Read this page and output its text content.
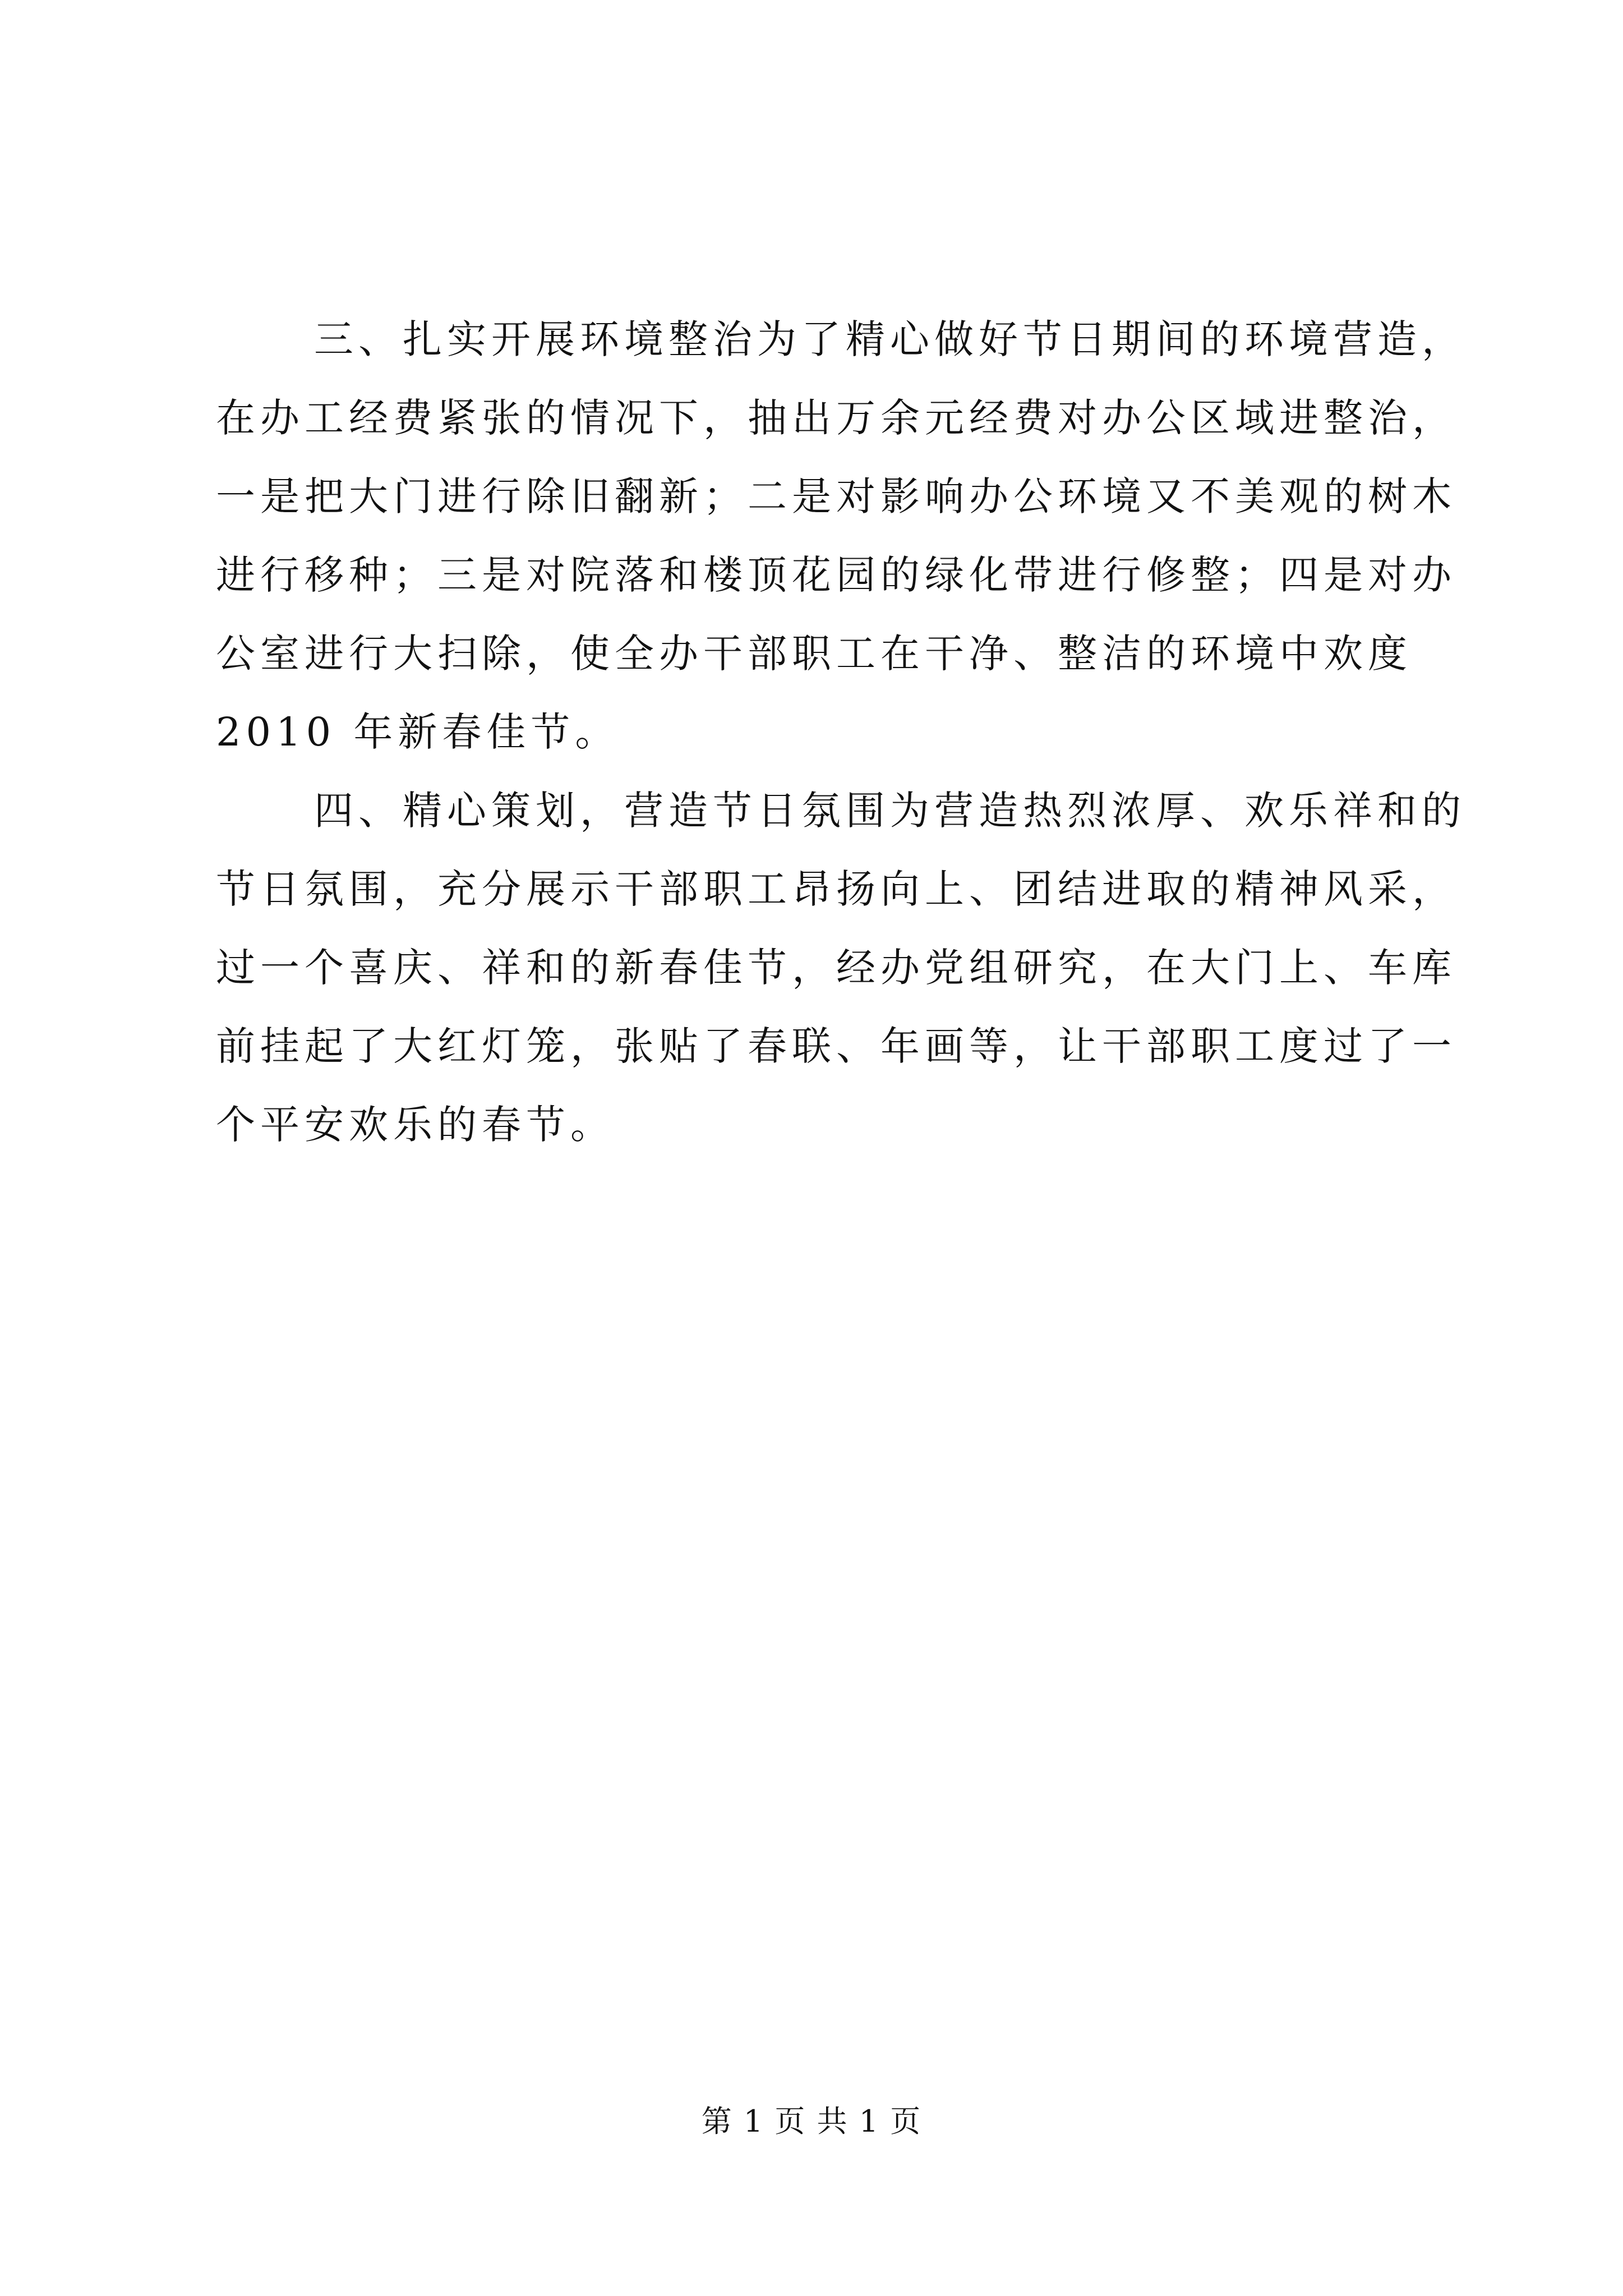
三、扎实开展环境整治为了精心做好节日期间的环境营造，
在办工经费紧张的情况下，抽出万余元经费对办公区域进整治，
一是把大门进行除旧翻新；二是对影响办公环境又不美观的树木
进行移种；三是对院落和楼顶花园的绿化带进行修整；四是对办
公室进行大扫除，使全办干部职工在干净、整洁的环境中欢度
2010 年新春佳节。
四、精心策划，营造节日氛围为营造热烈浓厚、欢乐祥和的
节日氛围，充分展示干部职工昂扬向上、团结进取的精神风采，
过一个喜庆、祥和的新春佳节，经办党组研究，在大门上、车库
前挂起了大红灯笼，张贴了春联、年画等，让干部职工度过了一
个平安欢乐的春节。
第 1 页 共 1 页
